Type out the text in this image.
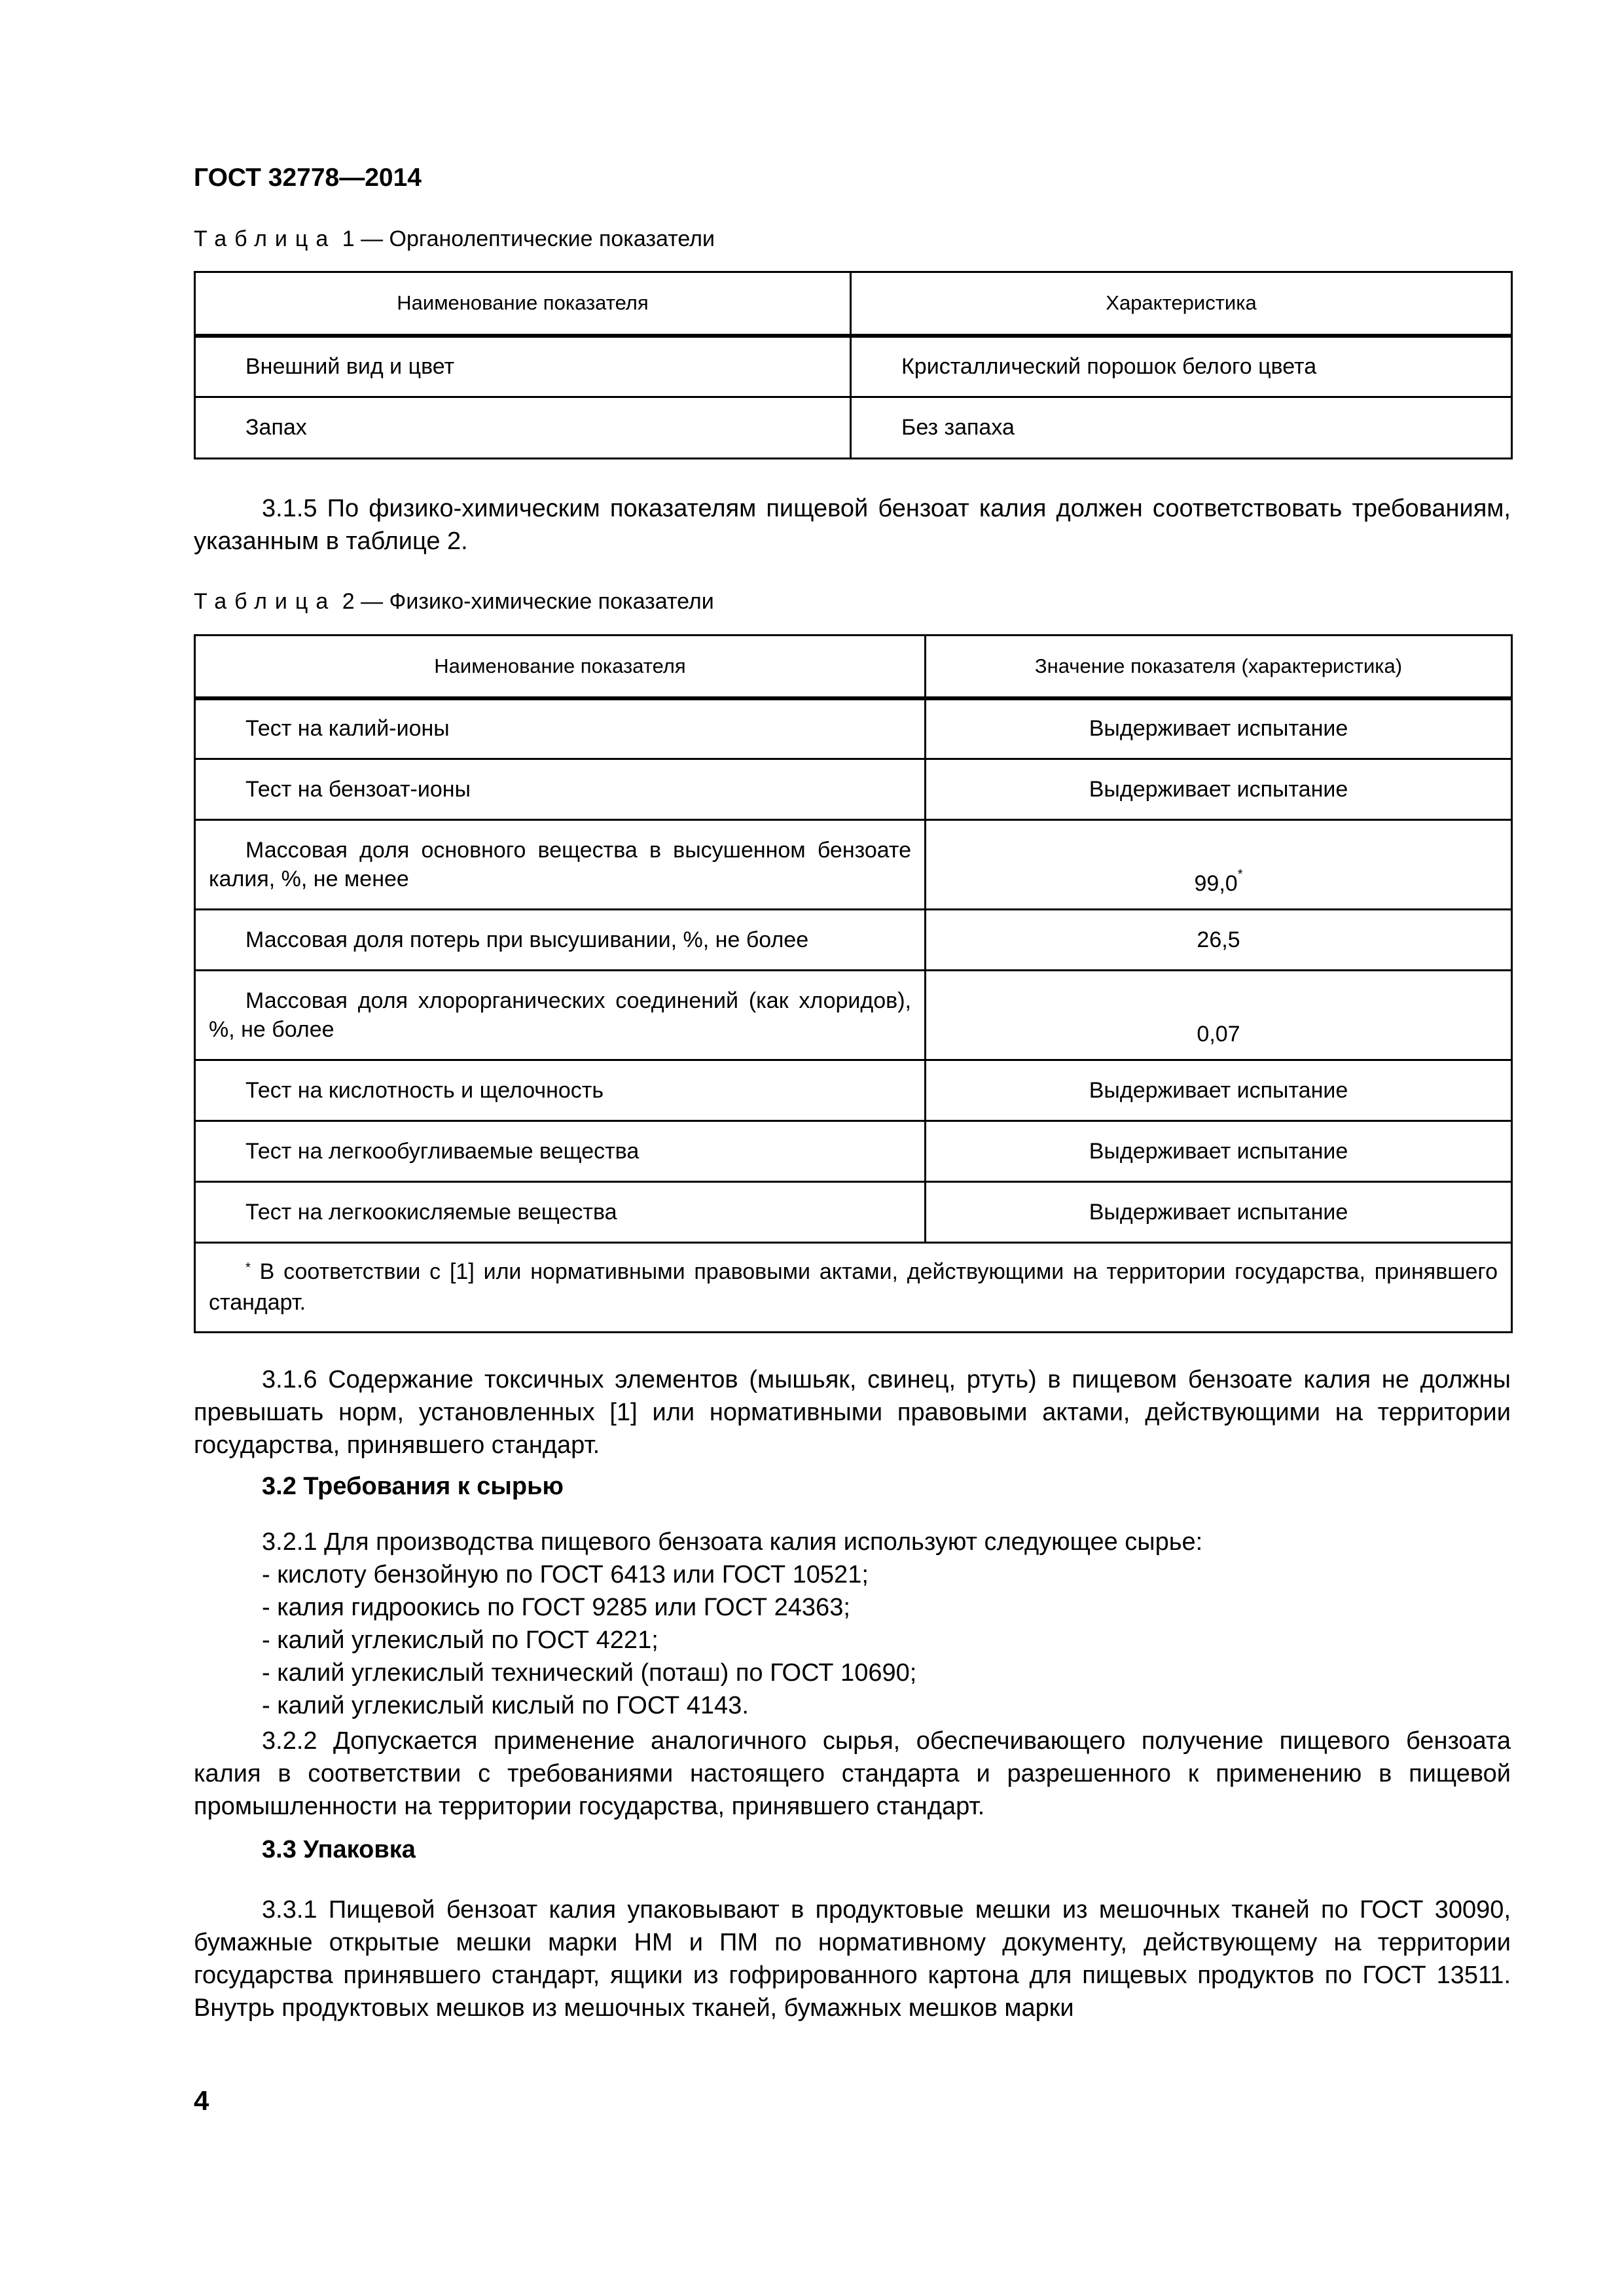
ГОСТ 32778—2014
Таблица 1 — Органолептические показатели
Наименование показателя	Характеристика
Внешний вид и цвет	Кристаллический порошок белого цвета
Запах	Без запаха
3.1.5 По физико-химическим показателям пищевой бензоат калия должен соответствовать требованиям, указанным в таблице 2.
Таблица 2 — Физико-химические показатели
Наименование показателя	Значение показателя (характеристика)
Тест на калий-ионы	Выдерживает испытание
Тест на бензоат-ионы	Выдерживает испытание
Массовая доля основного вещества в высушенном бензоате калия, %, не менее	99,0*
Массовая доля потерь при высушивании, %, не более	26,5
Массовая доля хлорорганических соединений (как хлоридов), %, не более	0,07
Тест на кислотность и щелочность	Выдерживает испытание
Тест на легкообугливаемые вещества	Выдерживает испытание
Тест на легкоокисляемые вещества	Выдерживает испытание
* В соответствии с [1] или нормативными правовыми актами, действующими на территории государства, принявшего стандарт.	
3.1.6 Содержание токсичных элементов (мышьяк, свинец, ртуть) в пищевом бензоате калия не должны превышать норм, установленных [1] или нормативными правовыми актами, действующими на территории государства, принявшего стандарт.
3.2 Требования к сырью
3.2.1 Для производства пищевого бензоата калия используют следующее сырье:
- кислоту бензойную по ГОСТ 6413 или ГОСТ 10521;
- калия гидроокись по ГОСТ 9285 или ГОСТ 24363;
- калий углекислый по ГОСТ 4221;
- калий углекислый технический (поташ) по ГОСТ 10690;
- калий углекислый кислый по ГОСТ 4143.
3.2.2 Допускается применение аналогичного сырья, обеспечивающего получение пищевого бензоата калия в соответствии с требованиями настоящего стандарта и разрешенного к применению в пищевой промышленности на территории государства, принявшего стандарт.
3.3 Упаковка
3.3.1 Пищевой бензоат калия упаковывают в продуктовые мешки из мешочных тканей по ГОСТ 30090, бумажные открытые мешки марки НМ и ПМ по нормативному документу, действующему на территории государства принявшего стандарт, ящики из гофрированного картона для пищевых продуктов по ГОСТ 13511. Внутрь продуктовых мешков из мешочных тканей, бумажных мешков марки
4
